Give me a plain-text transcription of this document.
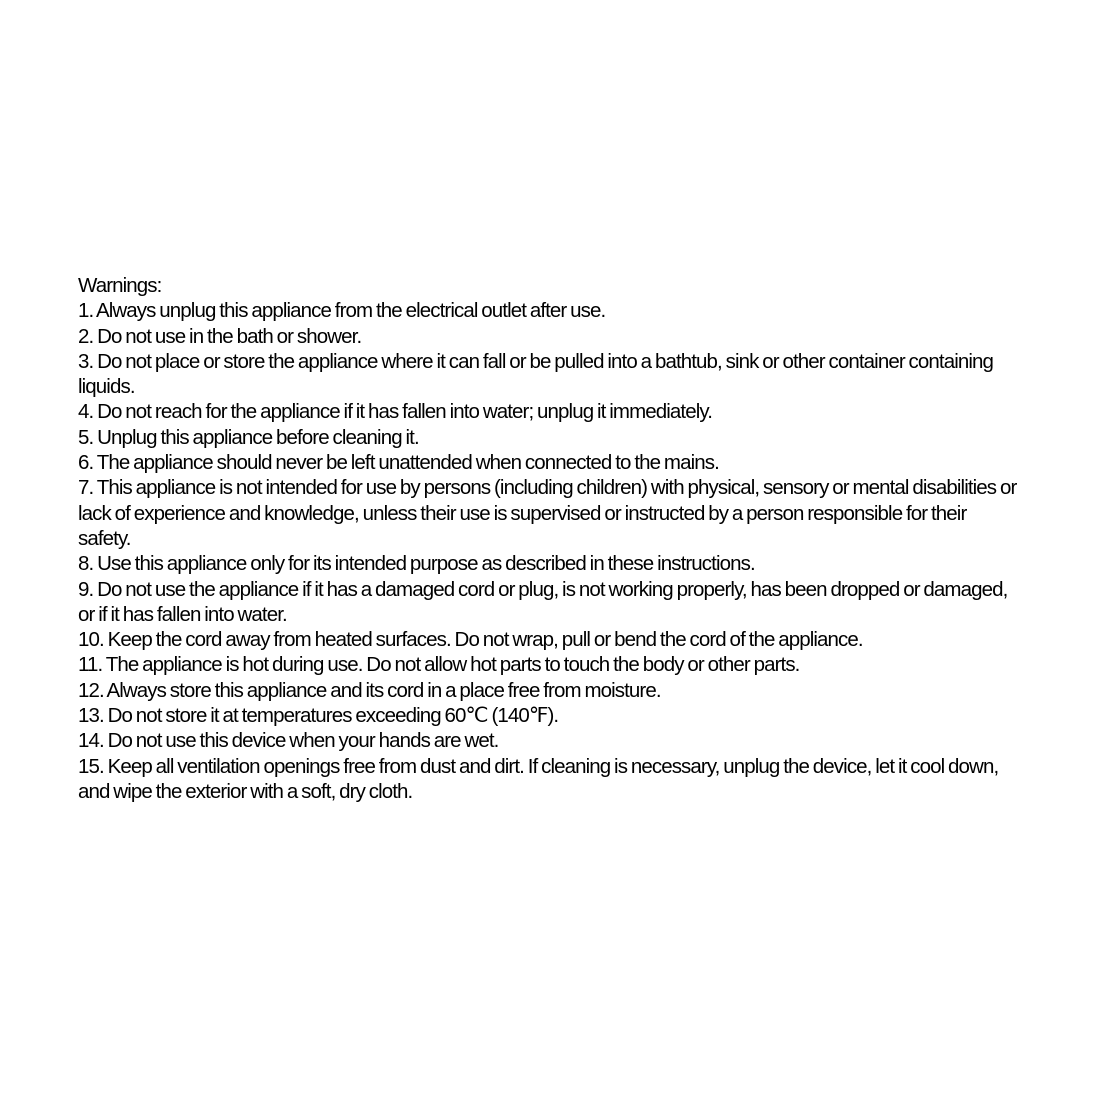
Warnings:
1. Always unplug this appliance from the electrical outlet after use.
2. Do not use in the bath or shower.
3. Do not place or store the appliance where it can fall or be pulled into a bathtub, sink or other container containing liquids.
4. Do not reach for the appliance if it has fallen into water; unplug it immediately.
5. Unplug this appliance before cleaning it.
6. The appliance should never be left unattended when connected to the mains.
7. This appliance is not intended for use by persons (including children) with physical, sensory or mental disabilities or lack of experience and knowledge, unless their use is supervised or instructed by a person responsible for their safety.
8. Use this appliance only for its intended purpose as described in these instructions.
9. Do not use the appliance if it has a damaged cord or plug, is not working properly, has been dropped or damaged, or if it has fallen into water.
10. Keep the cord away from heated surfaces. Do not wrap, pull or bend the cord of the appliance.
11. The appliance is hot during use. Do not allow hot parts to touch the body or other parts.
12. Always store this appliance and its cord in a place free from moisture.
13. Do not store it at temperatures exceeding 60℃ (140℉).
14. Do not use this device when your hands are wet.
15. Keep all ventilation openings free from dust and dirt. If cleaning is necessary, unplug the device, let it cool down, and wipe the exterior with a soft, dry cloth.
